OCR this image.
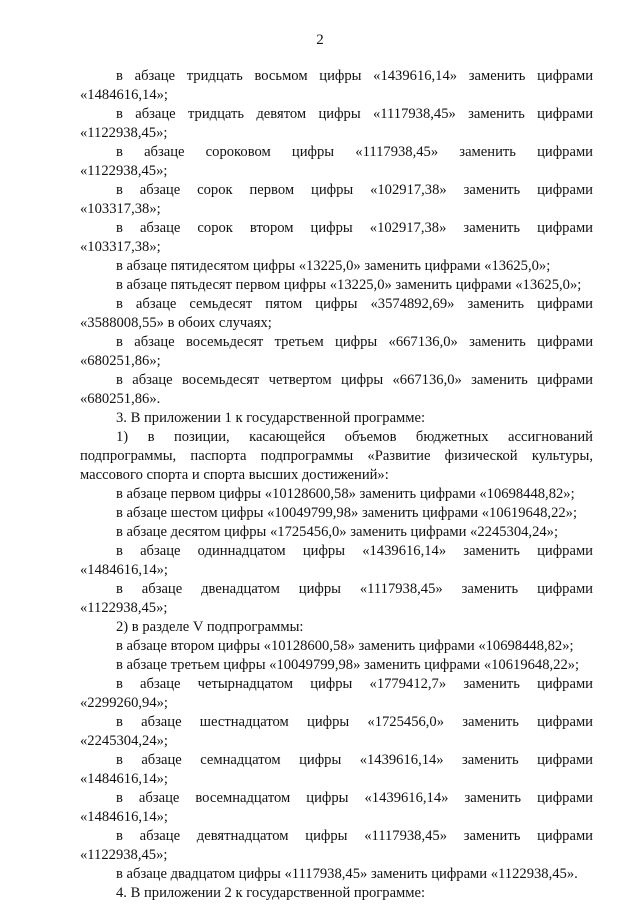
2
в абзаце тридцать восьмом цифры «1439616,14» заменить цифрами
«1484616,14»;
в абзаце тридцать девятом цифры «1117938,45» заменить цифрами
«1122938,45»;
в абзаце сороковом цифры «1117938,45» заменить цифрами
«1122938,45»;
в абзаце сорок первом цифры «102917,38» заменить цифрами
«103317,38»;
в абзаце сорок втором цифры «102917,38» заменить цифрами
«103317,38»;
в абзаце пятидесятом цифры «13225,0» заменить цифрами «13625,0»;
в абзаце пятьдесят первом цифры «13225,0» заменить цифрами «13625,0»;
в абзаце семьдесят пятом цифры «3574892,69» заменить цифрами
«3588008,55» в обоих случаях;
в абзаце восемьдесят третьем цифры «667136,0» заменить цифрами
«680251,86»;
в абзаце восемьдесят четвертом цифры «667136,0» заменить цифрами
«680251,86».
3. В приложении 1 к государственной программе:
1) в позиции, касающейся объемов бюджетных ассигнований
подпрограммы, паспорта подпрограммы «Развитие физической культуры,
массового спорта и спорта высших достижений»:
в абзаце первом цифры «10128600,58» заменить цифрами «10698448,82»;
в абзаце шестом цифры «10049799,98» заменить цифрами «10619648,22»;
в абзаце десятом цифры «1725456,0» заменить цифрами «2245304,24»;
в абзаце одиннадцатом цифры «1439616,14» заменить цифрами
«1484616,14»;
в абзаце двенадцатом цифры «1117938,45» заменить цифрами
«1122938,45»;
2) в разделе V подпрограммы:
в абзаце втором цифры «10128600,58» заменить цифрами «10698448,82»;
в абзаце третьем цифры «10049799,98» заменить цифрами «10619648,22»;
в абзаце четырнадцатом цифры «1779412,7» заменить цифрами
«2299260,94»;
в абзаце шестнадцатом цифры «1725456,0» заменить цифрами
«2245304,24»;
в абзаце семнадцатом цифры «1439616,14» заменить цифрами
«1484616,14»;
в абзаце восемнадцатом цифры «1439616,14» заменить цифрами
«1484616,14»;
в абзаце девятнадцатом цифры «1117938,45» заменить цифрами
«1122938,45»;
в абзаце двадцатом цифры «1117938,45» заменить цифрами «1122938,45».
4. В приложении 2 к государственной программе:
